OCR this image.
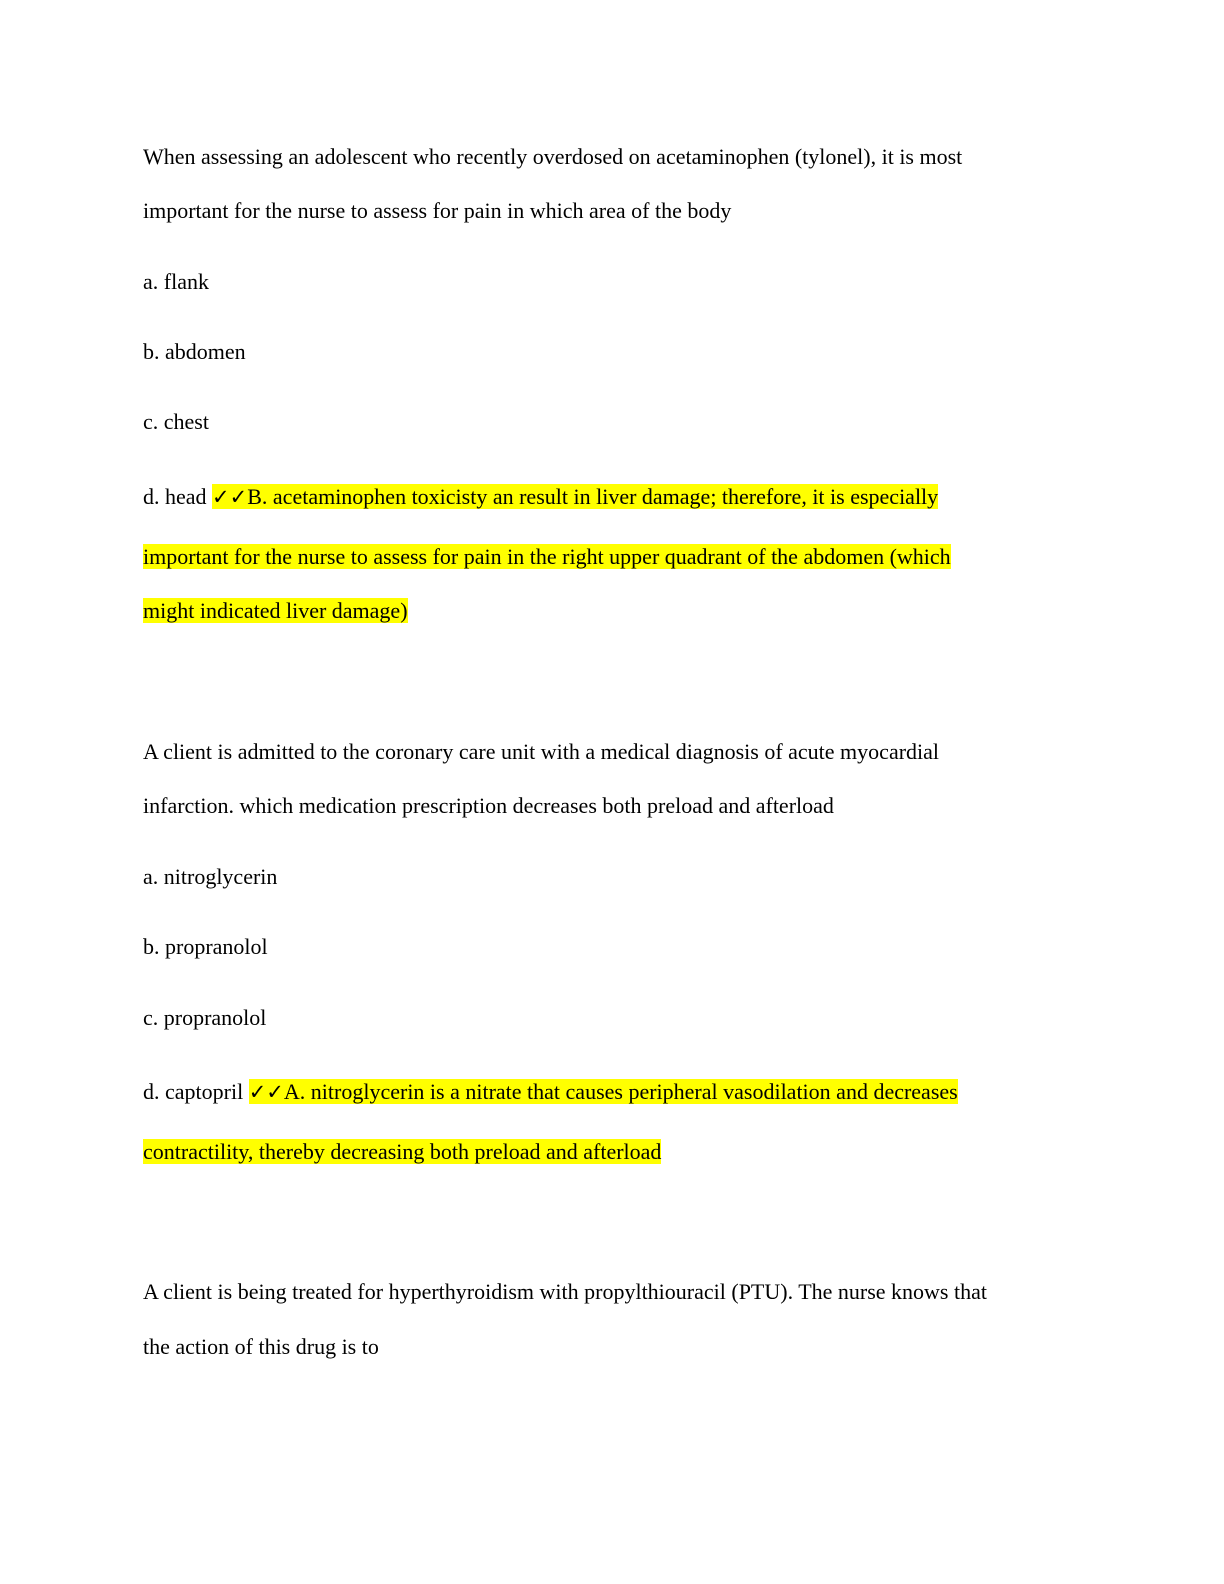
When assessing an adolescent who recently overdosed on acetaminophen (tylonel), it is most
important for the nurse to assess for pain in which area of the body
a. flank
b. abdomen
c. chest
d. head ✓✓B. acetaminophen toxicisty an result in liver damage; therefore, it is especially
important for the nurse to assess for pain in the right upper quadrant of the abdomen (which
might indicated liver damage)
A client is admitted to the coronary care unit with a medical diagnosis of acute myocardial
infarction. which medication prescription decreases both preload and afterload
a. nitroglycerin
b. propranolol
c. propranolol
d. captopril ✓✓A. nitroglycerin is a nitrate that causes peripheral vasodilation and decreases
contractility, thereby decreasing both preload and afterload
A client is being treated for hyperthyroidism with propylthiouracil (PTU). The nurse knows that
the action of this drug is to
